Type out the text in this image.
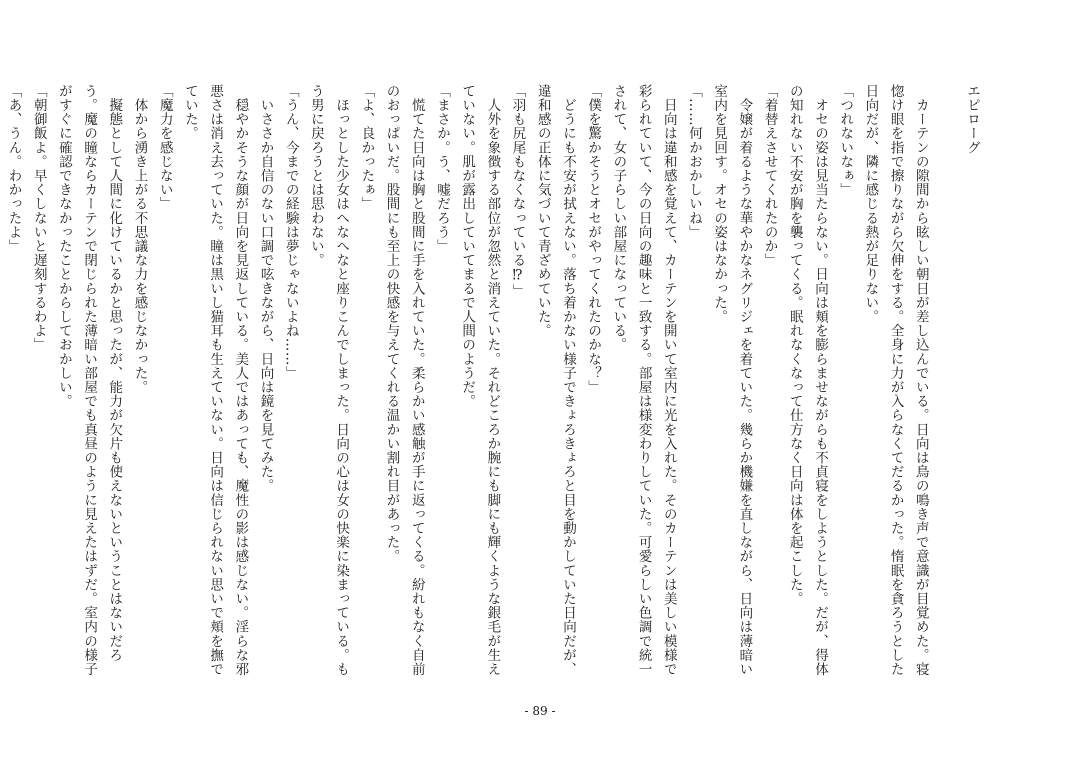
エピローグ
　カーテンの隙間から眩しい朝日が差し込んでいる。日向は鳥の鳴き声で意識が目覚めた。寝惚け眼を指で擦りながら欠伸をする。全身に力が入らなくてだるかった。惰眠を貪ろうとした日向だが、隣に感じる熱が足りない。
「つれないなぁ」
　オセの姿は見当たらない。日向は頬を膨らませながらも不貞寝をしようとした。だが、得体の知れない不安が胸を襲ってくる。眠れなくなって仕方なく日向は体を起こした。
「着替えさせてくれたのか」
　令嬢が着るような華やかなネグリジェを着ていた。幾らか機嫌を直しながら、日向は薄暗い室内を見回す。オセの姿はなかった。
「……何かおかしいね」
　日向は違和感を覚えて、カーテンを開いて室内に光を入れた。そのカーテンは美しい模様で彩られていて、今の日向の趣味と一致する。部屋は様変わりしていた。可愛らしい色調で統一されて、女の子らしい部屋になっている。
「僕を驚かそうとオセがやってくれたのかな？」
　どうにも不安が拭えない。落ち着かない様子できょろきょろと目を動かしていた日向だが、違和感の正体に気づいて青ざめていた。
「羽も尻尾もなくなっている⁉」
　人外を象徴する部位が忽然と消えていた。それどころか腕にも脚にも輝くような銀毛が生えていない。肌が露出していてまるで人間のようだ。
「まさか。う、嘘だろう」
　慌てた日向は胸と股間に手を入れていた。柔らかい感触が手に返ってくる。紛れもなく自前のおっぱいだ。股間にも至上の快感を与えてくれる温かい割れ目があった。
「よ、良かったぁ」
　ほっとした少女はへなへなと座りこんでしまった。日向の心は女の快楽に染まっている。もう男に戻ろうとは思わない。
「うん、今までの経験は夢じゃないよね……」
　いささか自信のない口調で呟きながら、日向は鏡を見てみた。
　穏やかそうな顔が日向を見返している。美人ではあっても、魔性の影は感じない。淫らな邪悪さは消え去っていた。瞳は黒いし猫耳も生えていない。日向は信じられない思いで頬を撫でていた。
「魔力を感じない」
　体から湧き上がる不思議な力を感じなかった。
　擬態として人間に化けているかと思ったが、能力が欠片も使えないということはないだろう。魔の瞳ならカーテンで閉じられた薄暗い部屋でも真昼のように見えたはずだ。室内の様子がすぐに確認できなかったことからしておかしい。
「朝御飯よ。早くしないと遅刻するわよ」
「あ、うん。わかったよ」
- 89 -
